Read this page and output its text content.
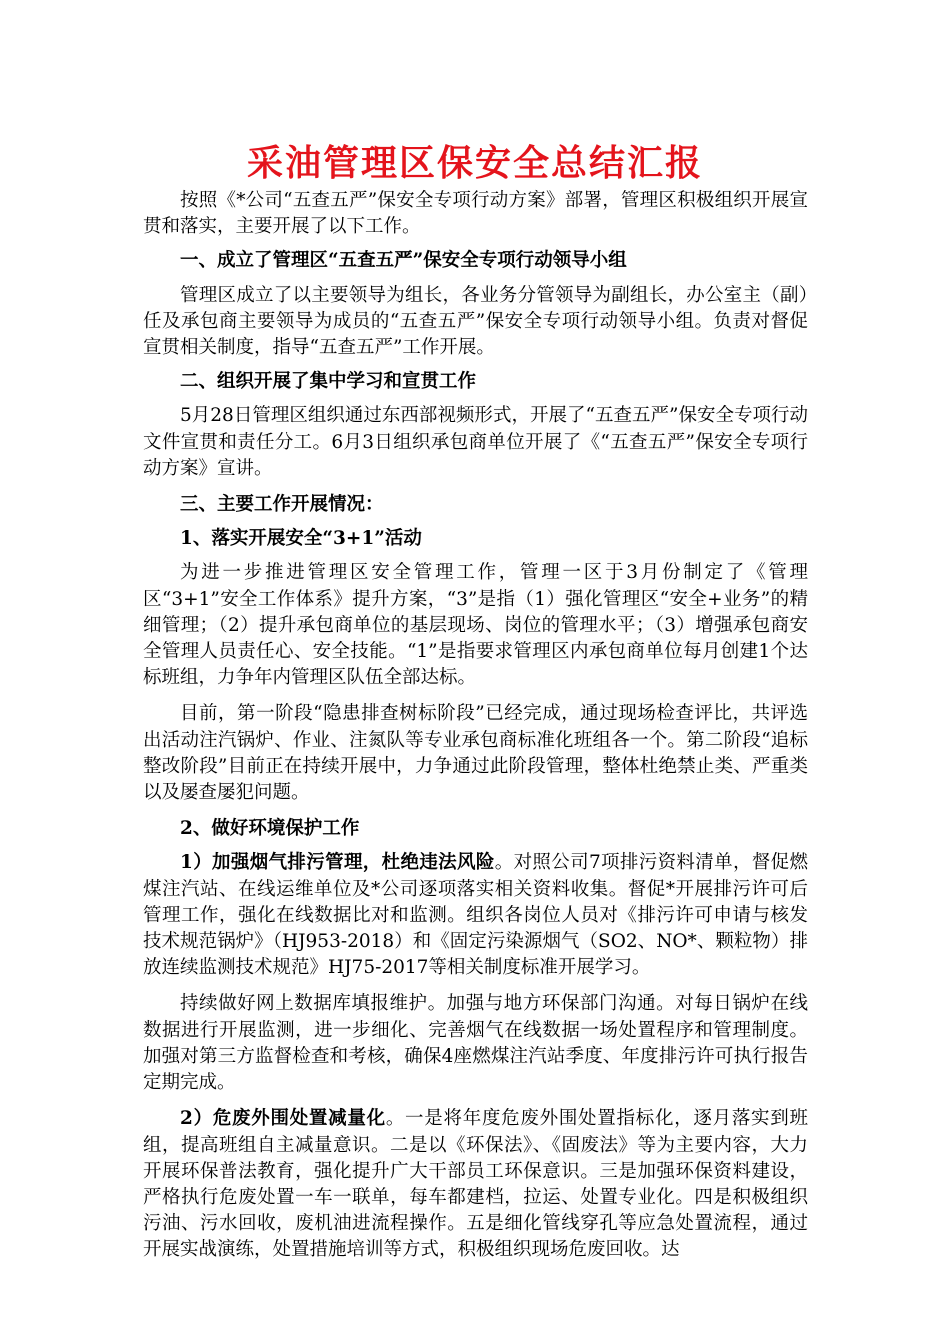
采油管理区保安全总结汇报

按照《*公司“五查五严”保安全专项行动方案》部署，管理区积极组织开展宣贯和落实，主要开展了以下工作。

一、成立了管理区“五查五严”保安全专项行动领导小组

管理区成立了以主要领导为组长，各业务分管领导为副组长，办公室主（副）任及承包商主要领导为成员的“五查五严”保安全专项行动领导小组。负责对督促宣贯相关制度，指导“五查五严”工作开展。

二、组织开展了集中学习和宣贯工作

5月28日管理区组织通过东西部视频形式，开展了“五查五严”保安全专项行动文件宣贯和责任分工。6月3日组织承包商单位开展了《“五查五严”保安全专项行动方案》宣讲。

三、主要工作开展情况：

1、落实开展安全“3+1”活动

为进一步推进管理区安全管理工作，管理一区于3月份制定了《管理区“3+1”安全工作体系》提升方案，“3”是指（1）强化管理区“安全+业务”的精细管理；（2）提升承包商单位的基层现场、岗位的管理水平；（3）增强承包商安全管理人员责任心、安全技能。“1”是指要求管理区内承包商单位每月创建1个达标班组，力争年内管理区队伍全部达标。

目前，第一阶段“隐患排查树标阶段”已经完成，通过现场检查评比，共评选出活动注汽锅炉、作业、注氮队等专业承包商标准化班组各一个。第二阶段“追标整改阶段”目前正在持续开展中，力争通过此阶段管理，整体杜绝禁止类、严重类以及屡查屡犯问题。

2、做好环境保护工作

1）加强烟气排污管理，杜绝违法风险。对照公司7项排污资料清单，督促燃煤注汽站、在线运维单位及*公司逐项落实相关资料收集。督促*开展排污许可后管理工作，强化在线数据比对和监测。组织各岗位人员对《排污许可申请与核发技术规范锅炉》（HJ953-2018）和《固定污染源烟气（SO2、NO*、颗粒物）排放连续监测技术规范》HJ75-2017等相关制度标准开展学习。

持续做好网上数据库填报维护。加强与地方环保部门沟通。对每日锅炉在线数据进行开展监测，进一步细化、完善烟气在线数据一场处置程序和管理制度。加强对第三方监督检查和考核，确保4座燃煤注汽站季度、年度排污许可执行报告定期完成。

2）危废外围处置减量化。一是将年度危废外围处置指标化，逐月落实到班组，提高班组自主减量意识。二是以《环保法》、《固废法》等为主要内容，大力开展环保普法教育，强化提升广大干部员工环保意识。三是加强环保资料建设，严格执行危废处置一车一联单，每车都建档，拉运、处置专业化。四是积极组织污油、污水回收，废机油进流程操作。五是细化管线穿孔等应急处置流程，通过开展实战演练，处置措施培训等方式，积极组织现场危废回收。达
